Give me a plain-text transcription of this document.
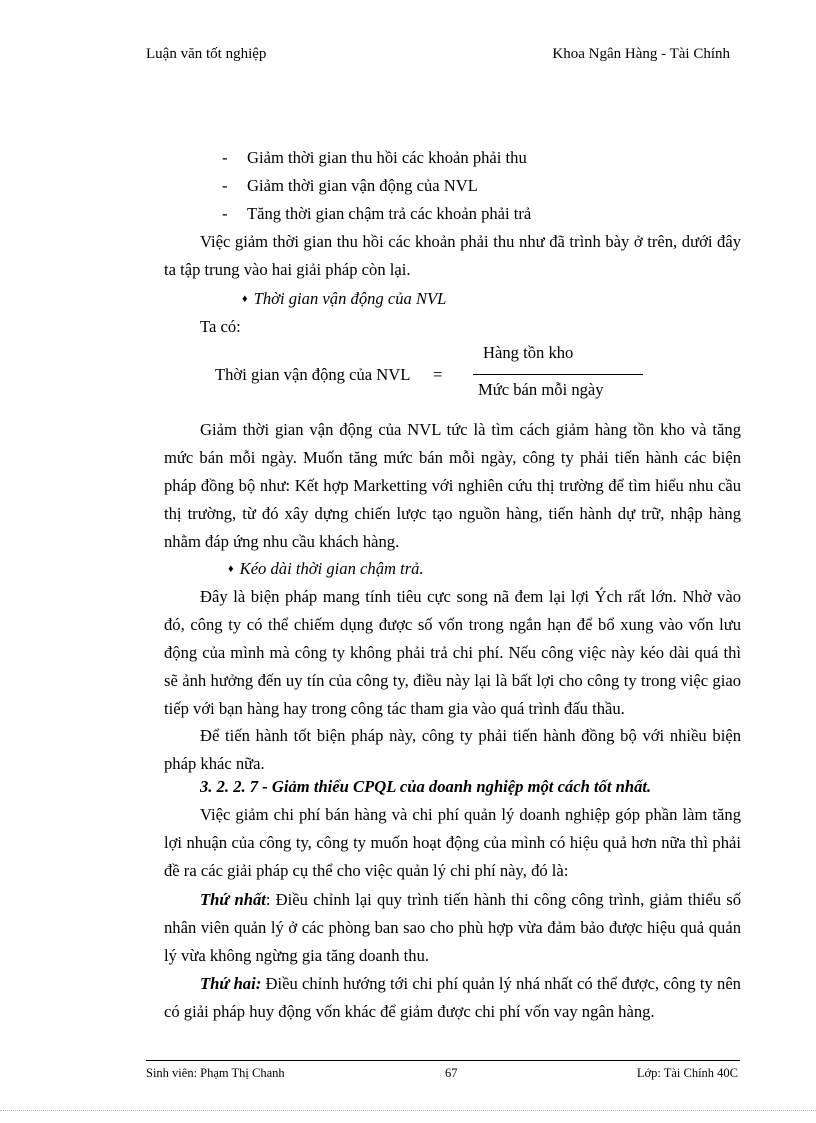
Luận văn tốt nghiệp	Khoa Ngân Hàng - Tài Chính
- Giảm thời gian thu hồi các khoản phải thu
- Giảm thời gian vận động của NVL
- Tăng thời gian chậm trả các khoản phải trả
Việc giảm thời gian thu hồi các khoản phải thu như đã trình bày ở trên, dưới đây ta tập trung vào hai giải pháp còn lại.
♦ Thời gian vận động của NVL
Ta có:
Thời gian vận động của NVL =
Hàng tồn kho
Mức bán mỗi ngày
Giảm thời gian vận động của NVL tức là tìm cách giảm hàng tồn kho và tăng mức bán mỗi ngày. Muốn tăng mức bán mỗi ngày, công ty phải tiến hành các biện pháp đồng bộ như: Kết hợp Marketting với nghiên cứu thị trường để tìm hiểu nhu cầu thị trường, từ đó xây dựng chiến lược tạo nguồn hàng, tiến hành dự trữ, nhập hàng nhằm đáp ứng nhu cầu khách hàng.
♦ Kéo dài thời gian chậm trả.
Đây là biện pháp mang tính tiêu cực song nã đem lại lợi Ých rất lớn. Nhờ vào đó, công ty có thể chiếm dụng được số vốn trong ngắn hạn để bổ xung vào vốn lưu động của mình mà công ty không phải trả chi phí. Nếu công việc này kéo dài quá thì sẽ ảnh hưởng đến uy tín của công ty, điều này lại là bất lợi cho công ty trong việc giao tiếp với bạn hàng hay trong công tác tham gia vào quá trình đấu thầu.
Để tiến hành tốt biện pháp này, công ty phải tiến hành đồng bộ với nhiều biện pháp khác nữa.
3. 2. 2. 7 - Giảm thiểu CPQL của doanh nghiệp một cách tốt nhất.
Việc giảm chi phí bán hàng và chi phí quản lý doanh nghiệp góp phần làm tăng lợi nhuận của công ty, công ty muốn hoạt động của mình có hiệu quả hơn nữa thì phải đề ra các giải pháp cụ thể cho việc quản lý chi phí này, đó là:
Thứ nhất: Điều chỉnh lại quy trình tiến hành thi công công trình, giảm thiểu số nhân viên quản lý ở các phòng ban sao cho phù hợp vừa đảm bảo được hiệu quả quản lý vừa không ngừng gia tăng doanh thu.
Thứ hai: Điều chỉnh hướng tới chi phí quản lý nhá nhất có thể được, công ty nên có giải pháp huy động vốn khác để giảm được chi phí vốn vay ngân hàng.
Sinh viên: Phạm Thị Chanh	67	Lớp: Tài Chính 40C
